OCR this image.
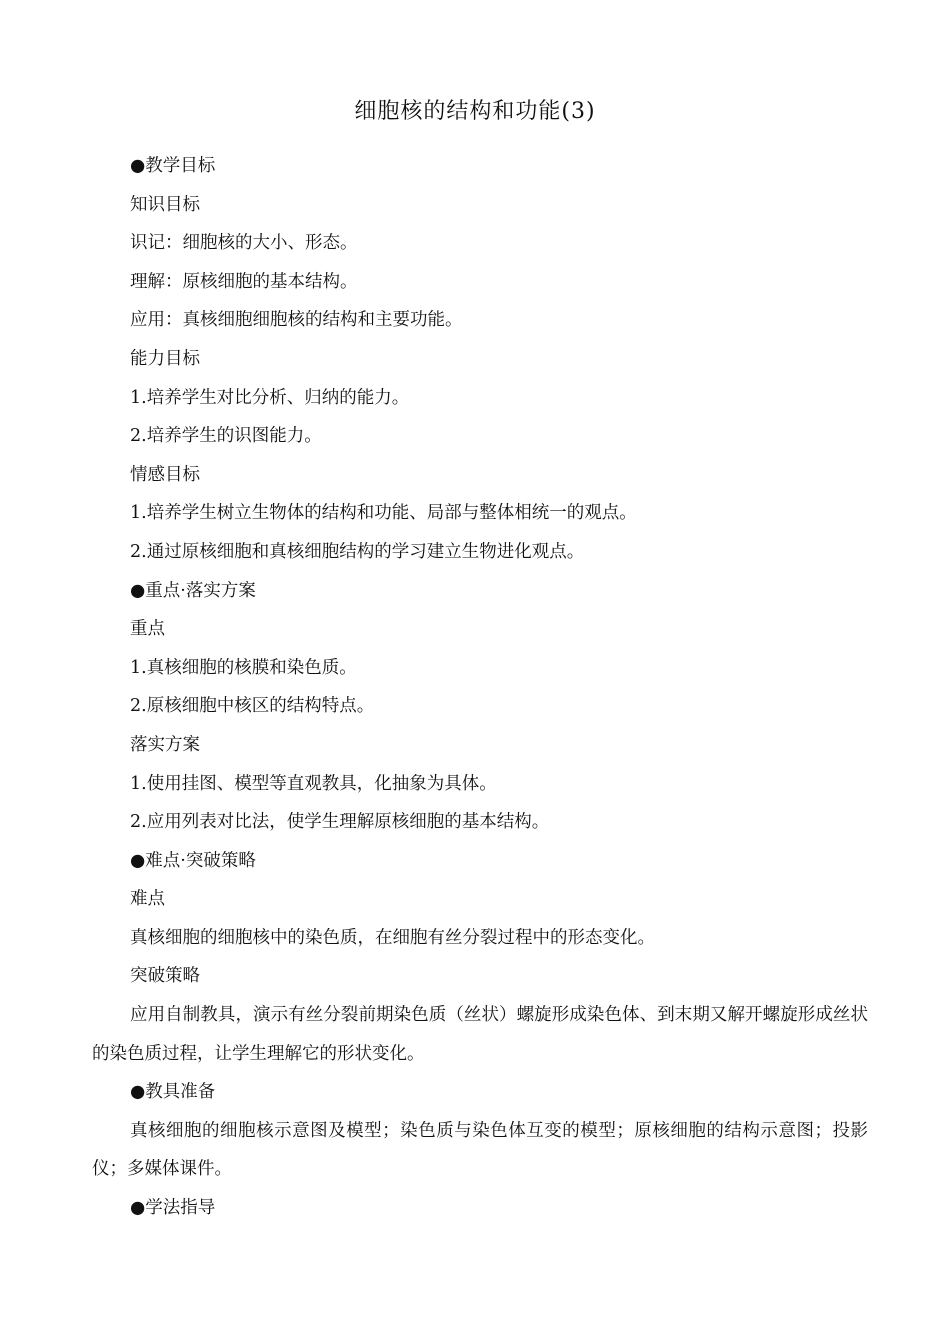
细胞核的结构和功能(3)

●教学目标

知识目标

识记：细胞核的大小、形态。

理解：原核细胞的基本结构。

应用：真核细胞细胞核的结构和主要功能。

能力目标

1.培养学生对比分析、归纳的能力。

2.培养学生的识图能力。

情感目标

1.培养学生树立生物体的结构和功能、局部与整体相统一的观点。

2.通过原核细胞和真核细胞结构的学习建立生物进化观点。

●重点·落实方案

重点

1.真核细胞的核膜和染色质。

2.原核细胞中核区的结构特点。

落实方案

1.使用挂图、模型等直观教具，化抽象为具体。

2.应用列表对比法，使学生理解原核细胞的基本结构。

●难点·突破策略

难点

真核细胞的细胞核中的染色质，在细胞有丝分裂过程中的形态变化。

突破策略

应用自制教具，演示有丝分裂前期染色质（丝状）螺旋形成染色体、到末期又解开螺旋形成丝状的染色质过程，让学生理解它的形状变化。

●教具准备

真核细胞的细胞核示意图及模型；染色质与染色体互变的模型；原核细胞的结构示意图；投影仪；多媒体课件。

●学法指导
